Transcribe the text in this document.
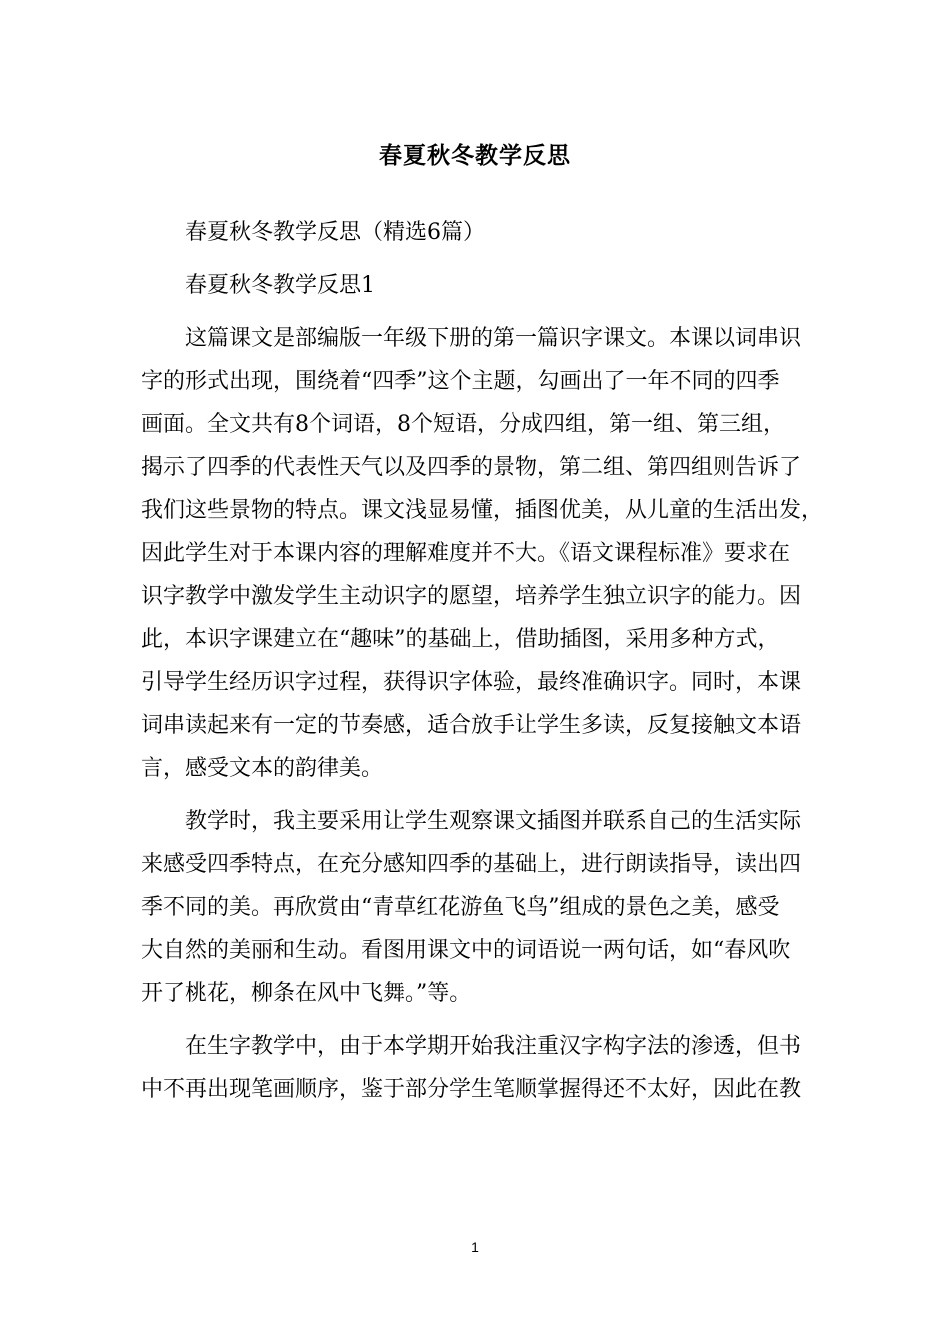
春夏秋冬教学反思

春夏秋冬教学反思（精选6篇）

春夏秋冬教学反思1

这篇课文是部编版一年级下册的第一篇识字课文。本课以词串识
字的形式出现，围绕着“四季”这个主题，勾画出了一年不同的四季
画面。全文共有8个词语，8个短语，分成四组，第一组、第三组，
揭示了四季的代表性天气以及四季的景物，第二组、第四组则告诉了
我们这些景物的特点。课文浅显易懂，插图优美，从儿童的生活出发，
因此学生对于本课内容的理解难度并不大。《语文课程标准》要求在
识字教学中激发学生主动识字的愿望，培养学生独立识字的能力。因
此，本识字课建立在“趣味”的基础上，借助插图，采用多种方式，
引导学生经历识字过程，获得识字体验，最终准确识字。同时，本课
词串读起来有一定的节奏感，适合放手让学生多读，反复接触文本语
言，感受文本的韵律美。

教学时，我主要采用让学生观察课文插图并联系自己的生活实际
来感受四季特点，在充分感知四季的基础上，进行朗读指导，读出四
季不同的美。再欣赏由“青草红花游鱼飞鸟”组成的景色之美，感受
大自然的美丽和生动。看图用课文中的词语说一两句话，如“春风吹
开了桃花，柳条在风中飞舞。”等。

在生字教学中，由于本学期开始我注重汉字构字法的渗透，但书
中不再出现笔画顺序，鉴于部分学生笔顺掌握得还不太好，因此在教

1
